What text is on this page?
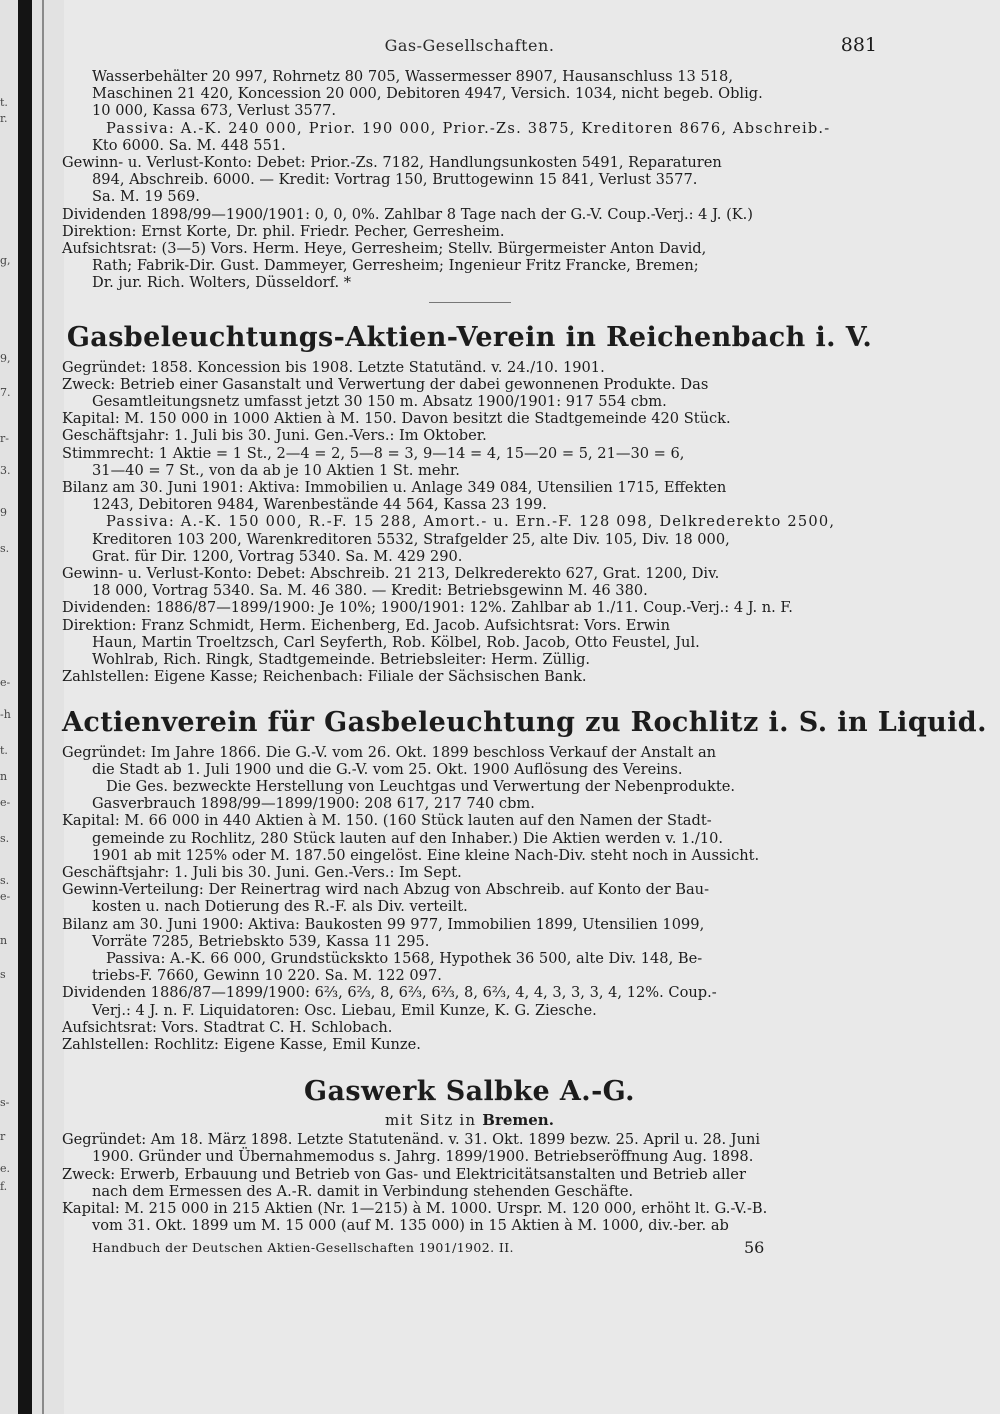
t.
r.
g,
9,
7.
r-
3.
9
s.
e-
-h
t.
n
e-
s.
s.
e-
n
s
s-
r
e.
f.
Gas-Gesellschaften.	881

Wasserbehälter 20 997, Rohrnetz 80 705, Wassermesser 8907, Hausanschluss 13 518,

Maschinen 21 420, Koncession 20 000, Debitoren 4947, Versich. 1034, nicht begeb. Oblig.

10 000, Kassa 673, Verlust 3577.

Passiva: A.-K. 240 000, Prior. 190 000, Prior.-Zs. 3875, Kreditoren 8676, Abschreib.-

Kto 6000. Sa. M. 448 551.

Gewinn- u. Verlust-Konto: Debet: Prior.-Zs. 7182, Handlungsunkosten 5491, Reparaturen

894, Abschreib. 6000. — Kredit: Vortrag 150, Bruttogewinn 15 841, Verlust 3577.

Sa. M. 19 569.

Dividenden 1898/99—1900/1901: 0, 0, 0%. Zahlbar 8 Tage nach der G.-V. Coup.-Verj.: 4 J. (K.)

Direktion: Ernst Korte, Dr. phil. Friedr. Pecher, Gerresheim.

Aufsichtsrat: (3—5) Vors. Herm. Heye, Gerresheim; Stellv. Bürgermeister Anton David,

Rath; Fabrik-Dir. Gust. Dammeyer, Gerresheim; Ingenieur Fritz Francke, Bremen;

Dr. jur. Rich. Wolters, Düsseldorf. *

Gasbeleuchtungs-Aktien-Verein in Reichenbach i. V.

Gegründet: 1858. Koncession bis 1908. Letzte Statutänd. v. 24./10. 1901.

Zweck: Betrieb einer Gasanstalt und Verwertung der dabei gewonnenen Produkte. Das

Gesamtleitungsnetz umfasst jetzt 30 150 m. Absatz 1900/1901: 917 554 cbm.

Kapital: M. 150 000 in 1000 Aktien à M. 150. Davon besitzt die Stadtgemeinde 420 Stück.

Geschäftsjahr: 1. Juli bis 30. Juni. Gen.-Vers.: Im Oktober.

Stimmrecht: 1 Aktie = 1 St., 2—4 = 2, 5—8 = 3, 9—14 = 4, 15—20 = 5, 21—30 = 6,

31—40 = 7 St., von da ab je 10 Aktien 1 St. mehr.

Bilanz am 30. Juni 1901: Aktiva: Immobilien u. Anlage 349 084, Utensilien 1715, Effekten

1243, Debitoren 9484, Warenbestände 44 564, Kassa 23 199.

Passiva: A.-K. 150 000, R.-F. 15 288, Amort.- u. Ern.-F. 128 098, Delkrederekto 2500,

Kreditoren 103 200, Warenkreditoren 5532, Strafgelder 25, alte Div. 105, Div. 18 000,

Grat. für Dir. 1200, Vortrag 5340. Sa. M. 429 290.

Gewinn- u. Verlust-Konto: Debet: Abschreib. 21 213, Delkrederekto 627, Grat. 1200, Div.

18 000, Vortrag 5340. Sa. M. 46 380. — Kredit: Betriebsgewinn M. 46 380.

Dividenden: 1886/87—1899/1900: Je 10%; 1900/1901: 12%. Zahlbar ab 1./11. Coup.-Verj.: 4 J. n. F.

Direktion: Franz Schmidt, Herm. Eichenberg, Ed. Jacob. Aufsichtsrat: Vors. Erwin

Haun, Martin Troeltzsch, Carl Seyferth, Rob. Kölbel, Rob. Jacob, Otto Feustel, Jul.

Wohlrab, Rich. Ringk, Stadtgemeinde. Betriebsleiter: Herm. Züllig.

Zahlstellen: Eigene Kasse; Reichenbach: Filiale der Sächsischen Bank.

Actienverein für Gasbeleuchtung zu Rochlitz i. S. in Liquid.

Gegründet: Im Jahre 1866. Die G.-V. vom 26. Okt. 1899 beschloss Verkauf der Anstalt an

die Stadt ab 1. Juli 1900 und die G.-V. vom 25. Okt. 1900 Auflösung des Vereins.

Die Ges. bezweckte Herstellung von Leuchtgas und Verwertung der Nebenprodukte.

Gasverbrauch 1898/99—1899/1900: 208 617, 217 740 cbm.

Kapital: M. 66 000 in 440 Aktien à M. 150. (160 Stück lauten auf den Namen der Stadt-

gemeinde zu Rochlitz, 280 Stück lauten auf den Inhaber.) Die Aktien werden v. 1./10.

1901 ab mit 125% oder M. 187.50 eingelöst. Eine kleine Nach-Div. steht noch in Aussicht.

Geschäftsjahr: 1. Juli bis 30. Juni. Gen.-Vers.: Im Sept.

Gewinn-Verteilung: Der Reinertrag wird nach Abzug von Abschreib. auf Konto der Bau-

kosten u. nach Dotierung des R.-F. als Div. verteilt.

Bilanz am 30. Juni 1900: Aktiva: Baukosten 99 977, Immobilien 1899, Utensilien 1099,

Vorräte 7285, Betriebskto 539, Kassa 11 295.

Passiva: A.-K. 66 000, Grundstückskto 1568, Hypothek 36 500, alte Div. 148, Be-

triebs-F. 7660, Gewinn 10 220. Sa. M. 122 097.

Dividenden 1886/87—1899/1900: 6⅔, 6⅔, 8, 6⅔, 6⅔, 8, 6⅔, 4, 4, 3, 3, 3, 4, 12%. Coup.-

Verj.: 4 J. n. F. Liquidatoren: Osc. Liebau, Emil Kunze, K. G. Ziesche.

Aufsichtsrat: Vors. Stadtrat C. H. Schlobach.

Zahlstellen: Rochlitz: Eigene Kasse, Emil Kunze.

Gaswerk Salbke A.-G.

mit Sitz in Bremen.

Gegründet: Am 18. März 1898. Letzte Statutenänd. v. 31. Okt. 1899 bezw. 25. April u. 28. Juni

1900. Gründer und Übernahmemodus s. Jahrg. 1899/1900. Betriebseröffnung Aug. 1898.

Zweck: Erwerb, Erbauung und Betrieb von Gas- und Elektricitätsanstalten und Betrieb aller

nach dem Ermessen des A.-R. damit in Verbindung stehenden Geschäfte.

Kapital: M. 215 000 in 215 Aktien (Nr. 1—215) à M. 1000. Urspr. M. 120 000, erhöht lt. G.-V.-B.

vom 31. Okt. 1899 um M. 15 000 (auf M. 135 000) in 15 Aktien à M. 1000, div.-ber. ab

Handbuch der Deutschen Aktien-Gesellschaften 1901/1902. II.	56
